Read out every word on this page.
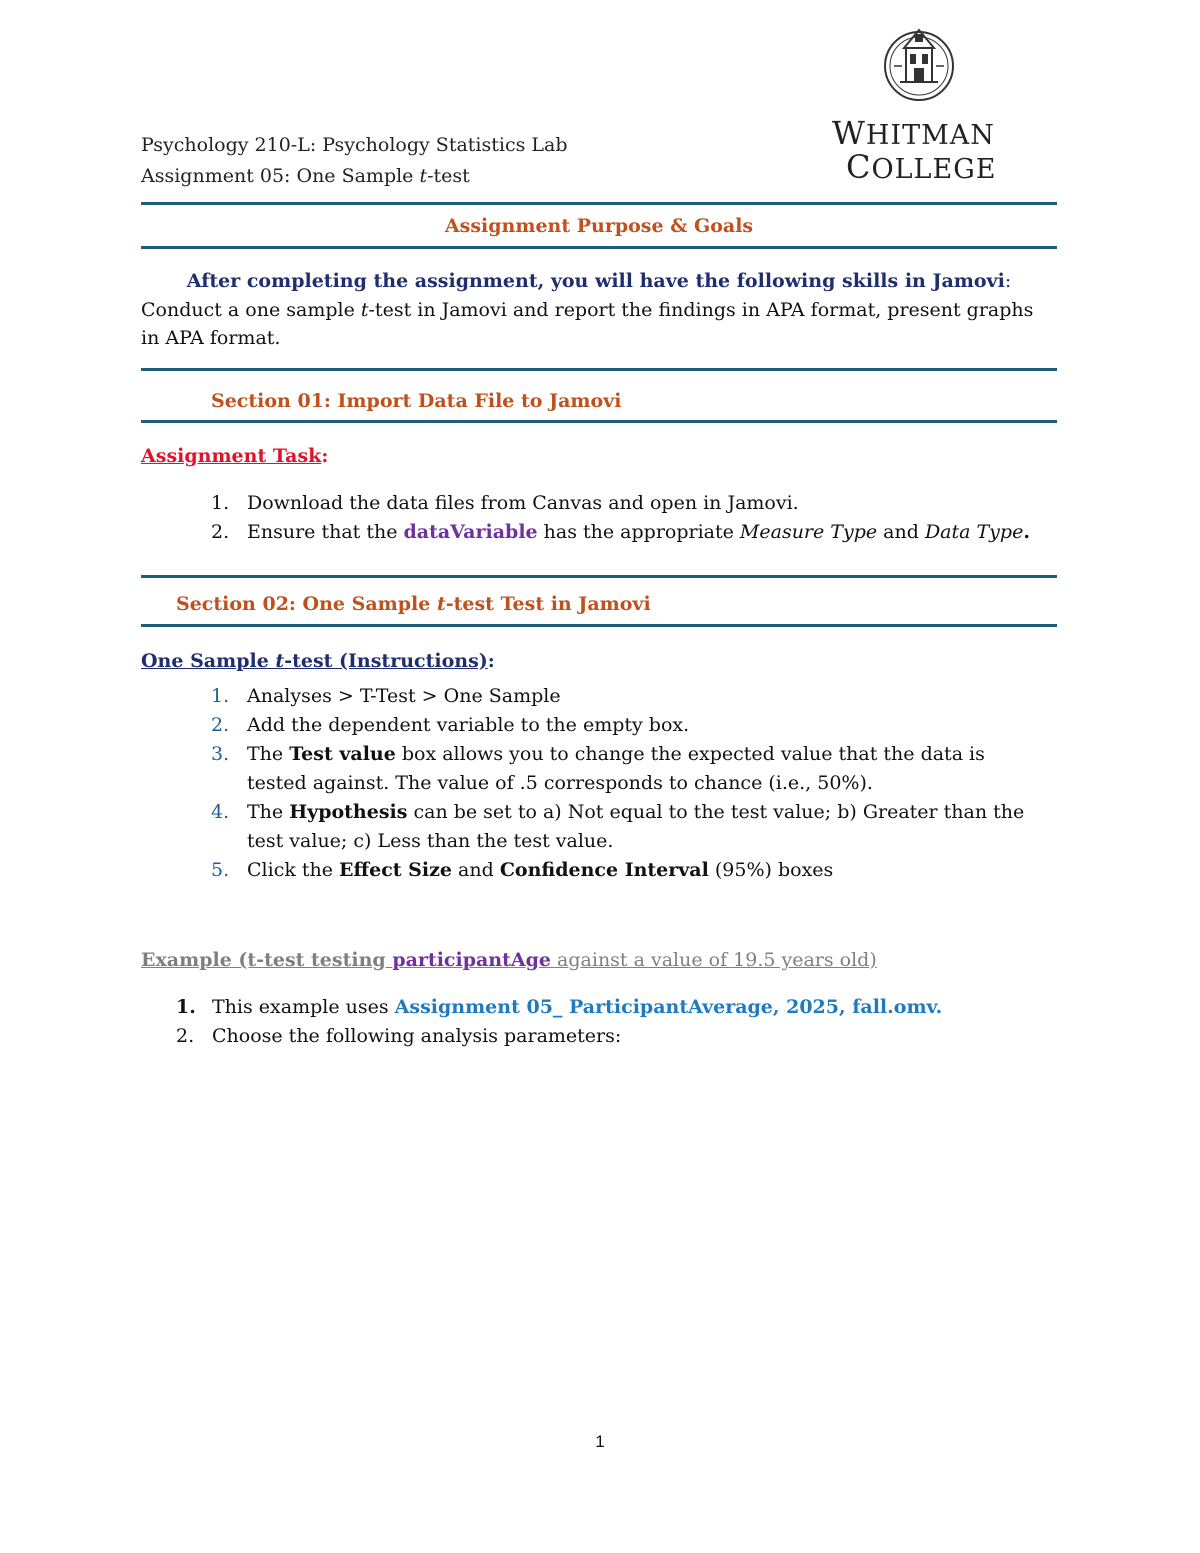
WHITMAN
COLLEGE
Psychology 210-L: Psychology Statistics Lab
Assignment 05: One Sample t-test
Assignment Purpose & Goals
After completing the assignment, you will have the following skills in Jamovi:
Conduct a one sample t-test in Jamovi and report the findings in APA format, present graphs in APA format.
Section 01: Import Data File to Jamovi
Assignment Task:
1. Download the data files from Canvas and open in Jamovi.
2. Ensure that the dataVariable has the appropriate Measure Type and Data Type.
Section 02: One Sample t-test Test in Jamovi
One Sample t-test (Instructions):
1. Analyses > T-Test > One Sample
2. Add the dependent variable to the empty box.
3. The Test value box allows you to change the expected value that the data is tested against. The value of .5 corresponds to chance (i.e., 50%).
4. The Hypothesis can be set to a) Not equal to the test value; b) Greater than the test value; c) Less than the test value.
5. Click the Effect Size and Confidence Interval (95%) boxes
Example (t-test testing participantAge against a value of 19.5 years old)
1. This example uses Assignment 05_ ParticipantAverage, 2025, fall.omv.
2. Choose the following analysis parameters:
1
